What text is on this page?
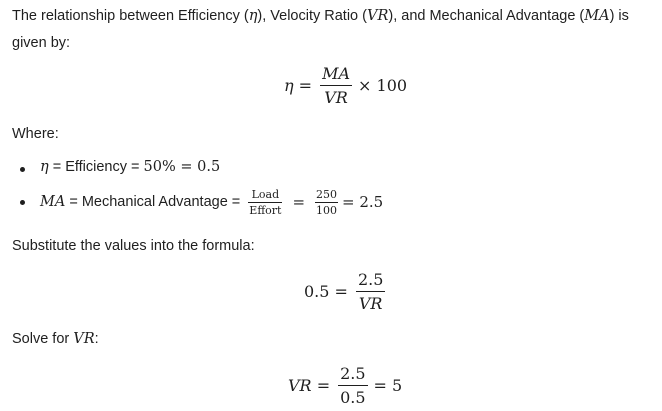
The relationship between Efficiency (η), Velocity Ratio (VR), and Mechanical Advantage (MA) is
given by:
$\eta = \frac{MA}{VR} \times 100$
Where:
η = Efficiency = 50% = 0.5
MA = Mechanical Advantage = $\frac{\text{Load}}{\text{Effort}} = \frac{250}{100} = 2.5$
Substitute the values into the formula:
$0.5 = \frac{2.5}{VR}$
Solve for VR:
VR = $\frac{2.5}{0.5} = 5$
